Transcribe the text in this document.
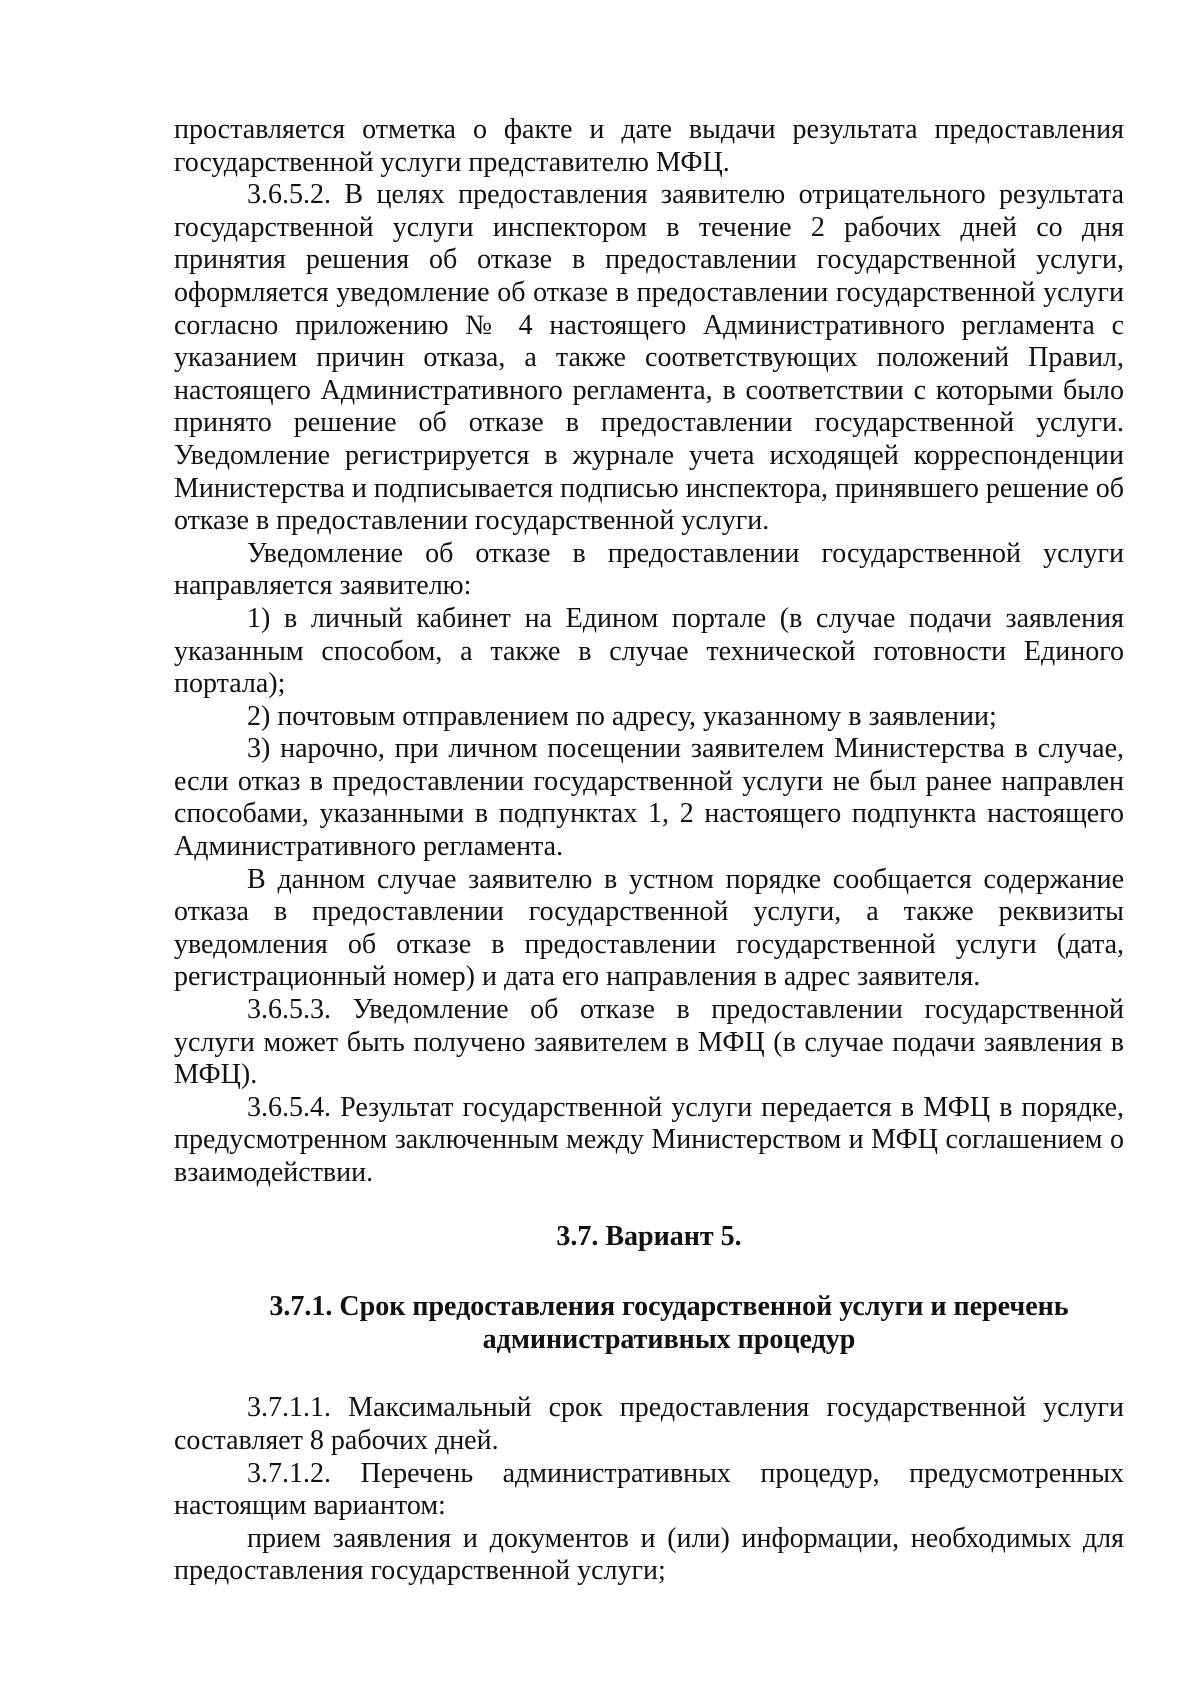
проставляется отметка о факте и дате выдачи результата предоставления государственной услуги представителю МФЦ.

3.6.5.2. В целях предоставления заявителю отрицательного результата государственной услуги инспектором в течение 2 рабочих дней со дня принятия решения об отказе в предоставлении государственной услуги, оформляется уведомление об отказе в предоставлении государственной услуги согласно приложению № 4 настоящего Административного регламента с указанием причин отказа, а также соответствующих положений Правил, настоящего Административного регламента, в соответствии с которыми было принято решение об отказе в предоставлении государственной услуги. Уведомление регистрируется в журнале учета исходящей корреспонденции Министерства и подписывается подписью инспектора, принявшего решение об отказе в предоставлении государственной услуги.

Уведомление об отказе в предоставлении государственной услуги направляется заявителю:

1) в личный кабинет на Едином портале (в случае подачи заявления указанным способом, а также в случае технической готовности Единого портала);

2) почтовым отправлением по адресу, указанному в заявлении;

3) нарочно, при личном посещении заявителем Министерства в случае, если отказ в предоставлении государственной услуги не был ранее направлен способами, указанными в подпунктах 1, 2 настоящего подпункта настоящего Административного регламента.

В данном случае заявителю в устном порядке сообщается содержание отказа в предоставлении государственной услуги, а также реквизиты уведомления об отказе в предоставлении государственной услуги (дата, регистрационный номер) и дата его направления в адрес заявителя.

3.6.5.3. Уведомление об отказе в предоставлении государственной услуги может быть получено заявителем в МФЦ (в случае подачи заявления в МФЦ).

3.6.5.4. Результат государственной услуги передается в МФЦ в порядке, предусмотренном заключенным между Министерством и МФЦ соглашением о взаимодействии.

3.7. Вариант 5.
3.7.1. Срок предоставления государственной услуги и перечень
административных процедур

3.7.1.1. Максимальный срок предоставления государственной услуги составляет 8 рабочих дней.

3.7.1.2. Перечень административных процедур, предусмотренных настоящим вариантом:

прием заявления и документов и (или) информации, необходимых для предоставления государственной услуги;
